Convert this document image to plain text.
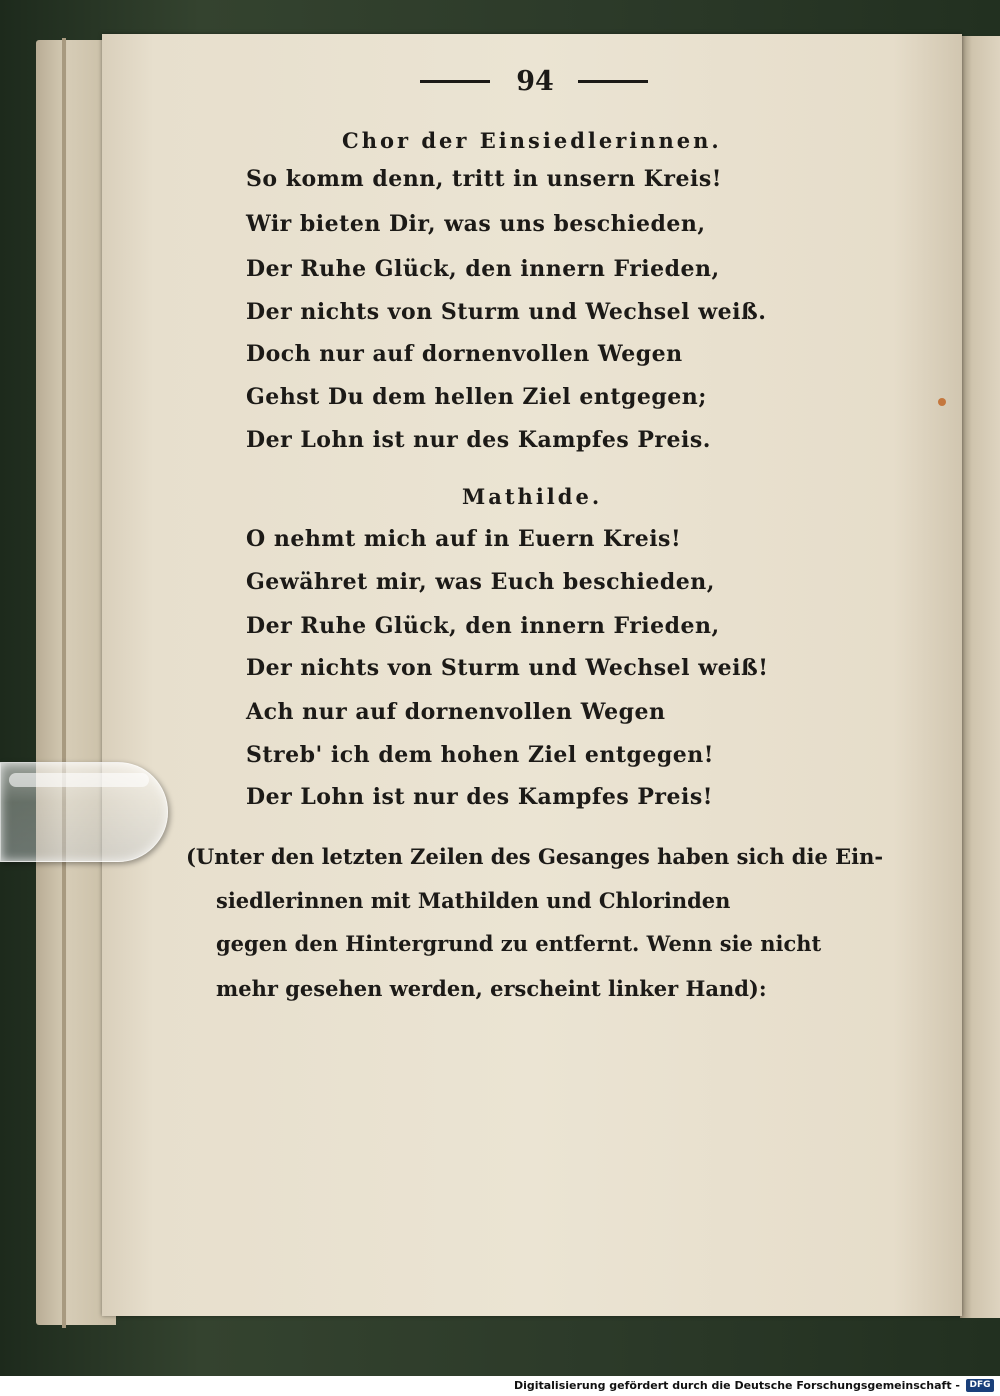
94
Chor der Einsiedlerinnen.
So komm denn, tritt in unsern Kreis!
Wir bieten Dir, was uns beschieden,
Der Ruhe Glück, den innern Frieden,
Der nichts von Sturm und Wechsel weiß.
Doch nur auf dornenvollen Wegen
Gehst Du dem hellen Ziel entgegen;
Der Lohn ist nur des Kampfes Preis.
Mathilde.
O nehmt mich auf in Euern Kreis!
Gewähret mir, was Euch beschieden,
Der Ruhe Glück, den innern Frieden,
Der nichts von Sturm und Wechsel weiß!
Ach nur auf dornenvollen Wegen
Streb' ich dem hohen Ziel entgegen!
Der Lohn ist nur des Kampfes Preis!
(Unter den letzten Zeilen des Gesanges haben sich die Ein-
siedlerinnen mit Mathilden und Chlorinden
gegen den Hintergrund zu entfernt. Wenn sie nicht
mehr gesehen werden, erscheint linker Hand):
Digitalisierung gefördert durch die Deutsche Forschungsgemeinschaft -	DFG
